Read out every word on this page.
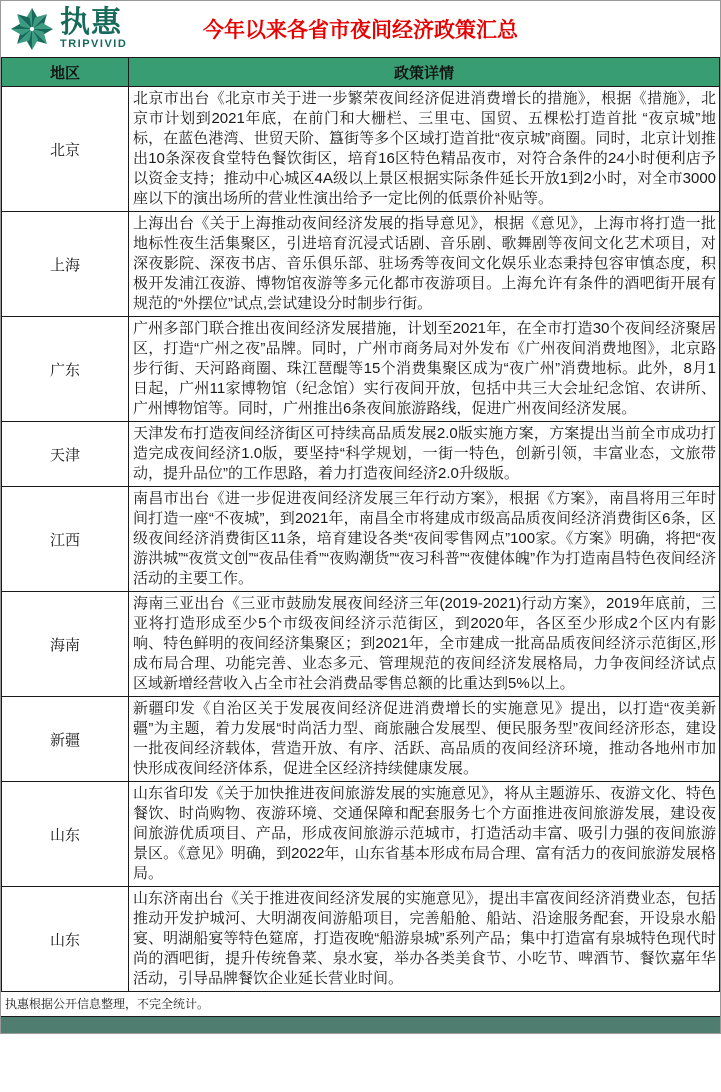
今年以来各省市夜间经济政策汇总
执惠
TRIPVIVID
地区	政策详情
北京	北京市出台《北京市关于进一步繁荣夜间经济促进消费增长的措施》，根据《措施》，北京市计划到2021年底，在前门和大栅栏、三里屯、国贸、五棵松打造首批 “夜京城”地标，在蓝色港湾、世贸天阶、簋街等多个区域打造首批“夜京城”商圈。同时，北京计划推出10条深夜食堂特色餐饮街区，培育16区特色精品夜市，对符合条件的24小时便利店予以资金支持；推动中心城区4A级以上景区根据实际条件延长开放1到2小时，对全市3000座以下的演出场所的营业性演出给予一定比例的低票价补贴等。
上海	上海出台《关于上海推动夜间经济发展的指导意见》，根据《意见》，上海市将打造一批地标性夜生活集聚区，引进培育沉浸式话剧、音乐剧、歌舞剧等夜间文化艺术项目，对深夜影院、深夜书店、音乐俱乐部、驻场秀等夜间文化娱乐业态秉持包容审慎态度，积极开发浦江夜游、博物馆夜游等多元化都市夜游项目。上海允许有条件的酒吧街开展有规范的“外摆位”试点,尝试建设分时制步行街。
广东	广州多部门联合推出夜间经济发展措施，计划至2021年，在全市打造30个夜间经济聚居区，打造“广州之夜”品牌。同时，广州市商务局对外发布《广州夜间消费地图》，北京路步行街、天河路商圈、珠江琶醍等15个消费集聚区成为“夜广州”消费地标。此外，8月1日起，广州11家博物馆（纪念馆）实行夜间开放，包括中共三大会址纪念馆、农讲所、广州博物馆等。同时，广州推出6条夜间旅游路线，促进广州夜间经济发展。
天津	天津发布打造夜间经济街区可持续高品质发展2.0版实施方案，方案提出当前全市成功打造完成夜间经济1.0版，要坚持“科学规划，一街一特色，创新引领，丰富业态，文旅带动，提升品位”的工作思路，着力打造夜间经济2.0升级版。
江西	南昌市出台《进一步促进夜间经济发展三年行动方案》，根据《方案》，南昌将用三年时间打造一座“不夜城”，到2021年，南昌全市将建成市级高品质夜间经济消费街区6条，区级夜间经济消费街区11条，培育建设各类“夜间零售网点”100家。《方案》明确，将把“夜游洪城”“夜赏文创”“夜品佳肴”“夜购潮货”“夜习科普”“夜健体魄”作为打造南昌特色夜间经济活动的主要工作。
海南	海南三亚出台《三亚市鼓励发展夜间经济三年(2019-2021)行动方案》，2019年底前，三亚将打造形成至少5个市级夜间经济示范街区，到2020年，各区至少形成2个区内有影响、特色鲜明的夜间经济集聚区；到2021年，全市建成一批高品质夜间经济示范街区,形成布局合理、功能完善、业态多元、管理规范的夜间经济发展格局，力争夜间经济试点区域新增经营收入占全市社会消费品零售总额的比重达到5%以上。
新疆	新疆印发《自治区关于发展夜间经济促进消费增长的实施意见》提出，以打造“夜美新疆”为主题，着力发展“时尚活力型、商旅融合发展型、便民服务型”夜间经济形态，建设一批夜间经济载体，营造开放、有序、活跃、高品质的夜间经济环境，推动各地州市加快形成夜间经济体系，促进全区经济持续健康发展。
山东	山东省印发《关于加快推进夜间旅游发展的实施意见》，将从主题游乐、夜游文化、特色餐饮、时尚购物、夜游环境、交通保障和配套服务七个方面推进夜间旅游发展，建设夜间旅游优质项目、产品，形成夜间旅游示范城市，打造活动丰富、吸引力强的夜间旅游景区。《意见》明确，到2022年，山东省基本形成布局合理、富有活力的夜间旅游发展格局。
山东	山东济南出台《关于推进夜间经济发展的实施意见》，提出丰富夜间经济消费业态，包括推动开发护城河、大明湖夜间游船项目，完善船舱、船站、沿途服务配套，开设泉水船宴、明湖船宴等特色筵席，打造夜晚“船游泉城”系列产品；集中打造富有泉城特色现代时尚的酒吧街，提升传统鲁菜、泉水宴，举办各类美食节、小吃节、啤酒节、餐饮嘉年华活动，引导品牌餐饮企业延长营业时间。
执惠根据公开信息整理，不完全统计。
